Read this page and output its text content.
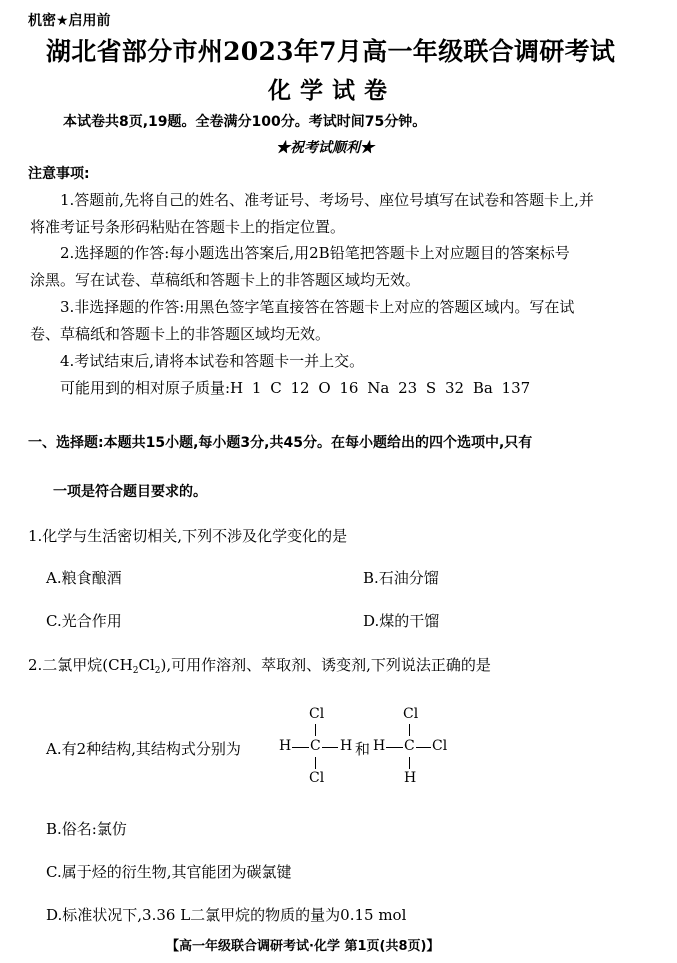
机密★启用前
湖北省部分市州2023年7月高一年级联合调研考试
化学试卷
本试卷共8页,19题。全卷满分100分。考试时间75分钟。
★祝考试顺利★
注意事项:
1.答题前,先将自己的姓名、准考证号、考场号、座位号填写在试卷和答题卡上,并
将准考证号条形码粘贴在答题卡上的指定位置。
2.选择题的作答:每小题选出答案后,用2B铅笔把答题卡上对应题目的答案标号
涂黑。写在试卷、草稿纸和答题卡上的非答题区域均无效。
3.非选择题的作答:用黑色签字笔直接答在答题卡上对应的答题区域内。写在试
卷、草稿纸和答题卡上的非答题区域均无效。
4.考试结束后,请将本试卷和答题卡一并上交。
可能用到的相对原子质量:H 1 C 12 O 16 Na 23 S 32 Ba 137
一、选择题:本题共15小题,每小题3分,共45分。在每小题给出的四个选项中,只有
一项是符合题目要求的。
1.化学与生活密切相关,下列不涉及化学变化的是
A.粮食酿酒	B.石油分馏
C.光合作用	D.煤的干馏
2.二氯甲烷$(CH_2Cl_2)$,可用作溶剂、萃取剂、诱变剂,下列说法正确的是
A.有2种结构,其结构式分别为
Cl
H C H
Cl
和
Cl
H C Cl
H
B.俗名:氯仿
C.属于烃的衍生物,其官能团为碳氯键
D.标准状况下,3.36 L二氯甲烷的物质的量为0.15 mol
【高一年级联合调研考试·化学 第1页(共8页)】
